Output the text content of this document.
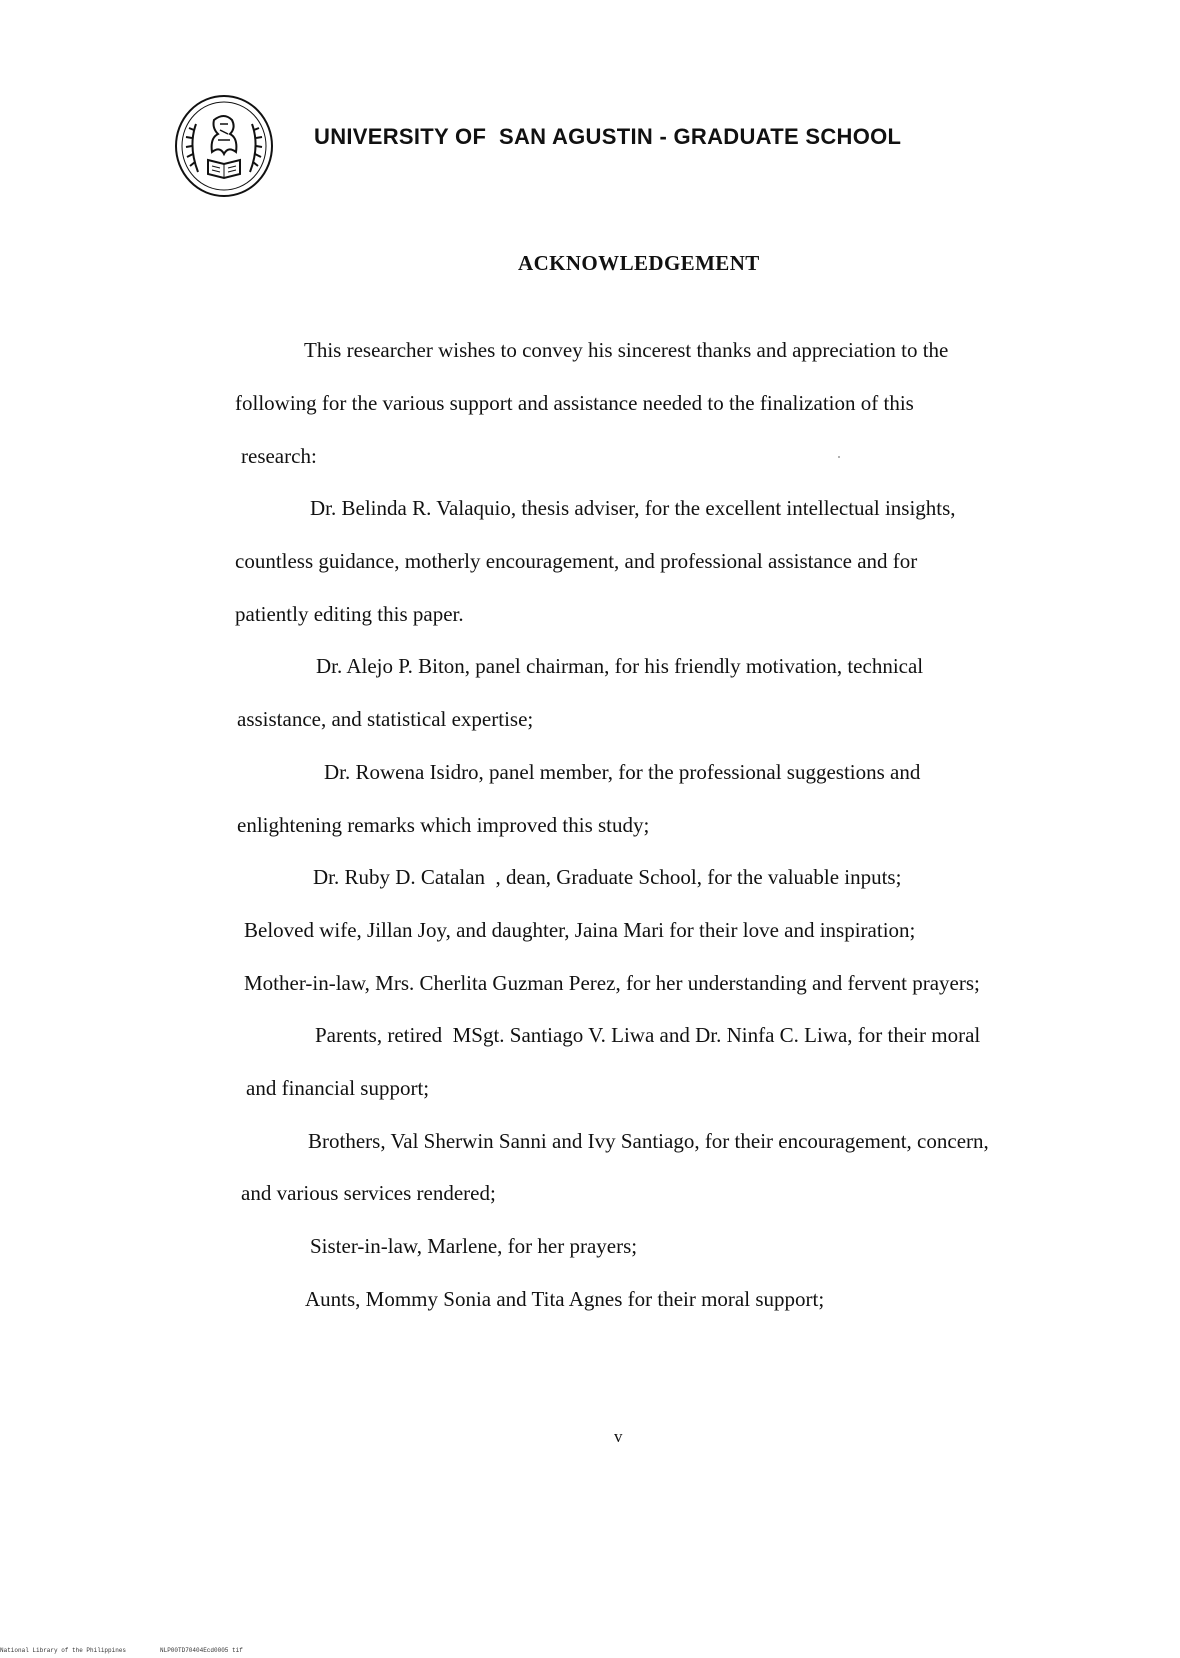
UNIVERSITY OF  SAN AGUSTIN - GRADUATE SCHOOL
ACKNOWLEDGEMENT
This researcher wishes to convey his sincerest thanks and appreciation to the
following for the various support and assistance needed to the finalization of this
research:
Dr. Belinda R. Valaquio, thesis adviser, for the excellent intellectual insights,
countless guidance, motherly encouragement, and professional assistance and for
patiently editing this paper.
Dr. Alejo P. Biton, panel chairman, for his friendly motivation, technical
assistance, and statistical expertise;
Dr. Rowena Isidro, panel member, for the professional suggestions and
enlightening remarks which improved this study;
Dr. Ruby D. Catalan  , dean, Graduate School, for the valuable inputs;
Beloved wife, Jillan Joy, and daughter, Jaina Mari for their love and inspiration;
Mother-in-law, Mrs. Cherlita Guzman Perez, for her understanding and fervent prayers;
Parents, retired  MSgt. Santiago V. Liwa and Dr. Ninfa C. Liwa, for their moral
and financial support;
Brothers, Val Sherwin Sanni and Ivy Santiago, for their encouragement, concern,
and various services rendered;
Sister-in-law, Marlene, for her prayers;
Aunts, Mommy Sonia and Tita Agnes for their moral support;
v
National Library of the Philippines	NLP00TD70404Ecd0005 tif
